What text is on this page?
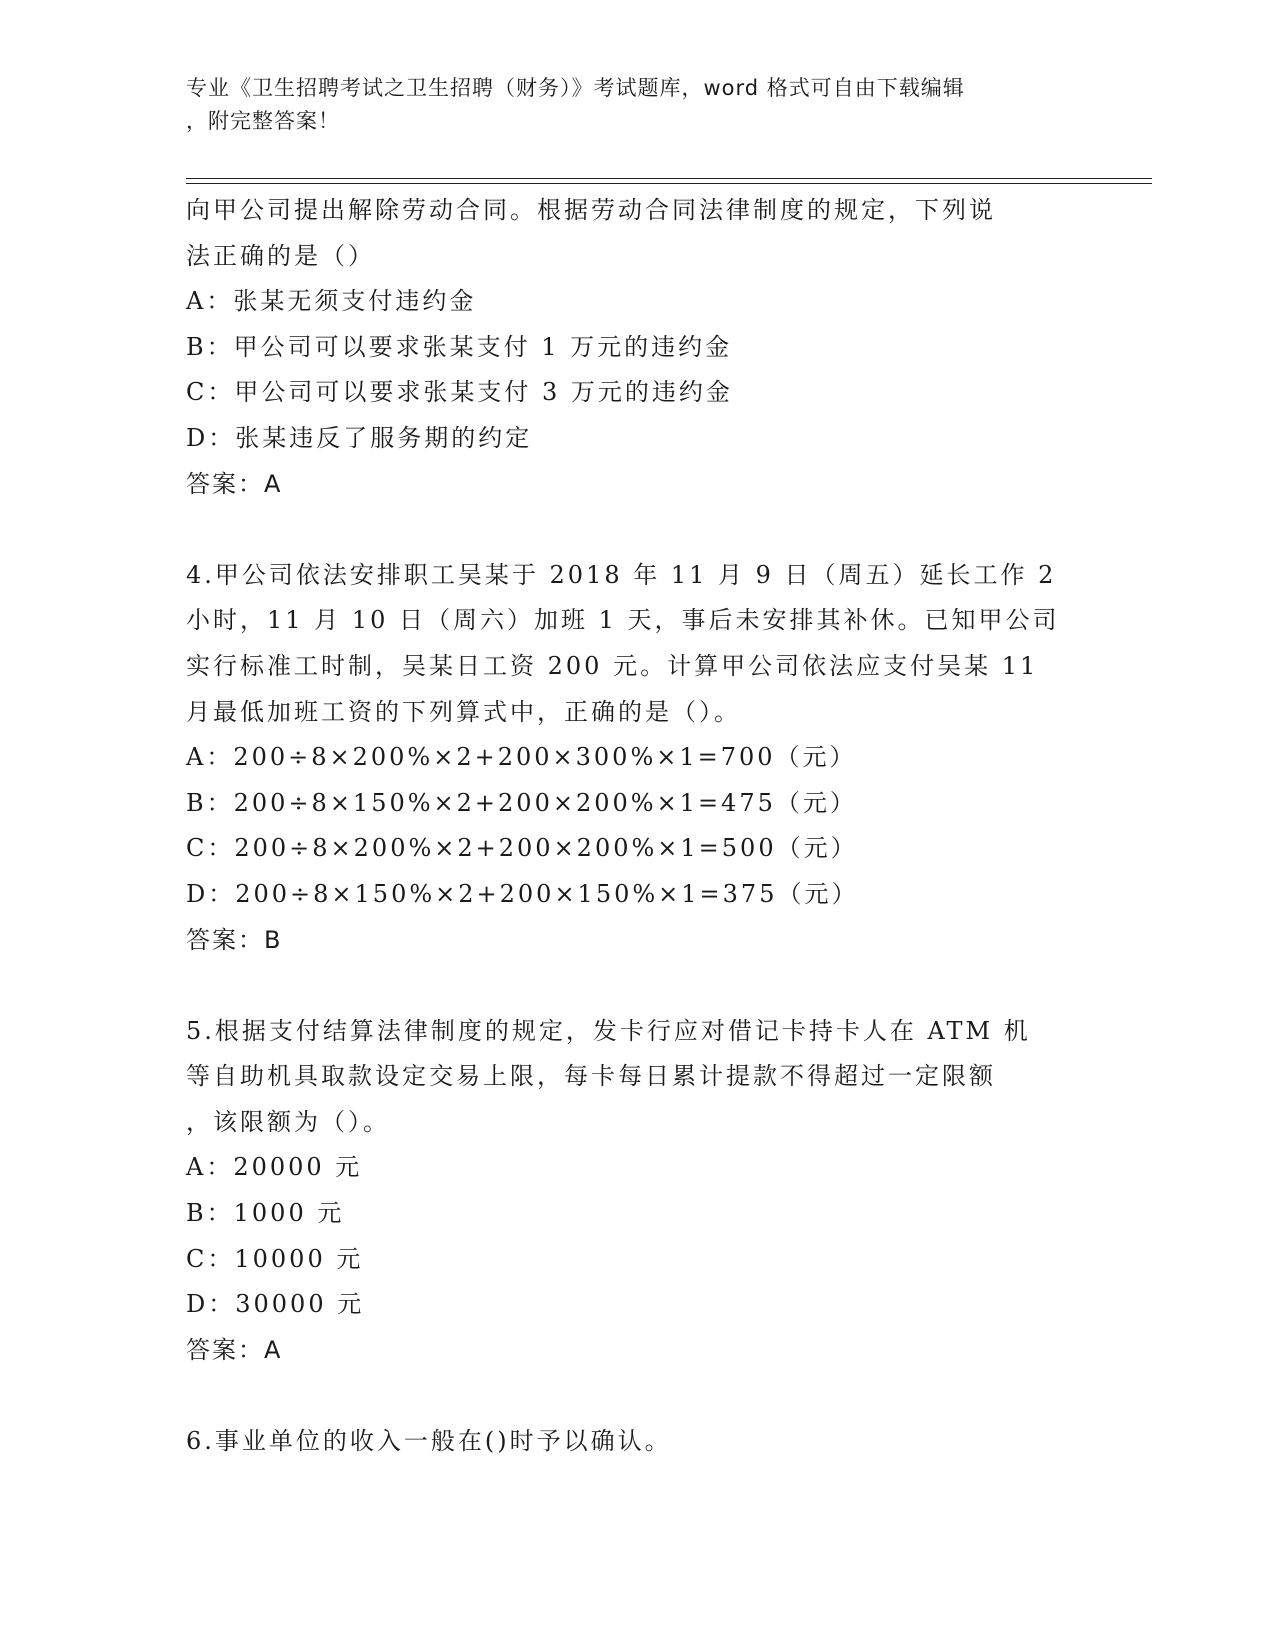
专业《卫生招聘考试之卫生招聘（财务）》考试题库，word 格式可自由下载编辑
，附完整答案！
向甲公司提出解除劳动合同。根据劳动合同法律制度的规定，下列说
法正确的是（）
A：张某无须支付违约金
B：甲公司可以要求张某支付 1 万元的违约金
C：甲公司可以要求张某支付 3 万元的违约金
D：张某违反了服务期的约定
答案：A
4.甲公司依法安排职工吴某于 2018 年 11 月 9 日（周五）延长工作 2
小时，11 月 10 日（周六）加班 1 天，事后未安排其补休。已知甲公司
实行标准工时制，吴某日工资 200 元。计算甲公司依法应支付吴某 11
月最低加班工资的下列算式中，正确的是（）。
A：200÷8×200%×2+200×300%×1=700（元）
B：200÷8×150%×2+200×200%×1=475（元）
C：200÷8×200%×2+200×200%×1=500（元）
D：200÷8×150%×2+200×150%×1=375（元）
答案：B
5.根据支付结算法律制度的规定，发卡行应对借记卡持卡人在 ATM 机
等自助机具取款设定交易上限，每卡每日累计提款不得超过一定限额
，该限额为（）。
A：20000 元
B：1000 元
C：10000 元
D：30000 元
答案：A
6.事业单位的收入一般在()时予以确认。
